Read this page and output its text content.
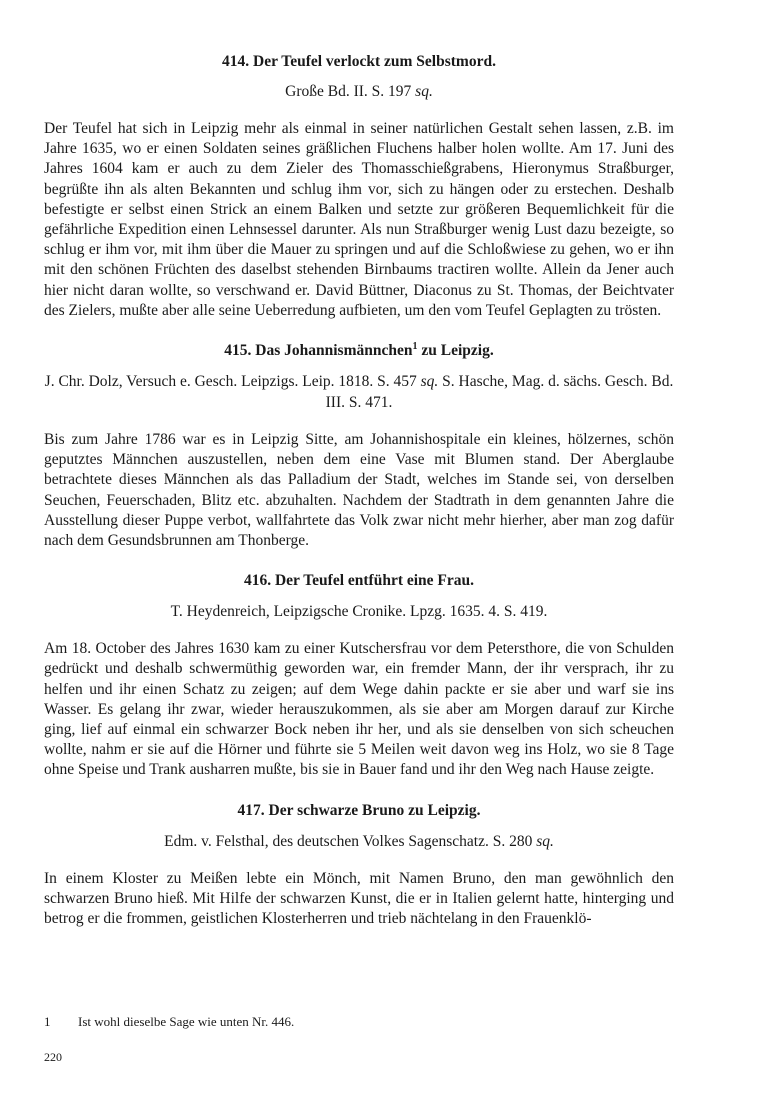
414. Der Teufel verlockt zum Selbstmord.

Große Bd. II. S. 197 sq.

Der Teufel hat sich in Leipzig mehr als einmal in seiner natürlichen Gestalt sehen lassen, z.B. im Jahre 1635, wo er einen Soldaten seines gräßlichen Fluchens halber holen wollte. Am 17. Juni des Jahres 1604 kam er auch zu dem Zieler des Thomasschießgrabens, Hieronymus Straßburger, begrüßte ihn als alten Bekannten und schlug ihm vor, sich zu hängen oder zu erstechen. Deshalb befestigte er selbst einen Strick an einem Balken und setzte zur größeren Bequemlichkeit für die gefährliche Expedition einen Lehnsessel darunter. Als nun Straßburger wenig Lust dazu bezeigte, so schlug er ihm vor, mit ihm über die Mauer zu springen und auf die Schloßwiese zu gehen, wo er ihn mit den schönen Früchten des daselbst stehenden Birnbaums tractiren wollte. Allein da Jener auch hier nicht daran wollte, so verschwand er. David Büttner, Diaconus zu St. Thomas, der Beichtvater des Zielers, mußte aber alle seine Ueberredung aufbieten, um den vom Teufel Geplagten zu trösten.

415. Das Johannismännchen$^1$ zu Leipzig.

J. Chr. Dolz, Versuch e. Gesch. Leipzigs. Leip. 1818. S. 457 sq. S. Hasche, Mag. d. sächs. Gesch. Bd. III. S. 471.

Bis zum Jahre 1786 war es in Leipzig Sitte, am Johannishospitale ein kleines, hölzernes, schön geputztes Männchen auszustellen, neben dem eine Vase mit Blumen stand. Der Aberglaube betrachtete dieses Männchen als das Palladium der Stadt, welches im Stande sei, von derselben Seuchen, Feuerschaden, Blitz etc. abzuhalten. Nachdem der Stadtrath in dem genannten Jahre die Ausstellung dieser Puppe verbot, wallfahrtete das Volk zwar nicht mehr hierher, aber man zog dafür nach dem Gesundsbrunnen am Thonberge.

416. Der Teufel entführt eine Frau.

T. Heydenreich, Leipzigsche Cronike. Lpzg. 1635. 4. S. 419.

Am 18. October des Jahres 1630 kam zu einer Kutschersfrau vor dem Petersthore, die von Schulden gedrückt und deshalb schwermüthig geworden war, ein fremder Mann, der ihr versprach, ihr zu helfen und ihr einen Schatz zu zeigen; auf dem Wege dahin packte er sie aber und warf sie ins Wasser. Es gelang ihr zwar, wieder herauszukommen, als sie aber am Morgen darauf zur Kirche ging, lief auf einmal ein schwarzer Bock neben ihr her, und als sie denselben von sich scheuchen wollte, nahm er sie auf die Hörner und führte sie 5 Meilen weit davon weg ins Holz, wo sie 8 Tage ohne Speise und Trank ausharren mußte, bis sie in Bauer fand und ihr den Weg nach Hause zeigte.

417. Der schwarze Bruno zu Leipzig.

Edm. v. Felsthal, des deutschen Volkes Sagenschatz. S. 280 sq.

In einem Kloster zu Meißen lebte ein Mönch, mit Namen Bruno, den man gewöhnlich den schwarzen Bruno hieß. Mit Hilfe der schwarzen Kunst, die er in Italien gelernt hatte, hinterging und betrog er die frommen, geistlichen Klosterherren und trieb nächtelang in den Frauenklö-

1 Ist wohl dieselbe Sage wie unten Nr. 446.
220
